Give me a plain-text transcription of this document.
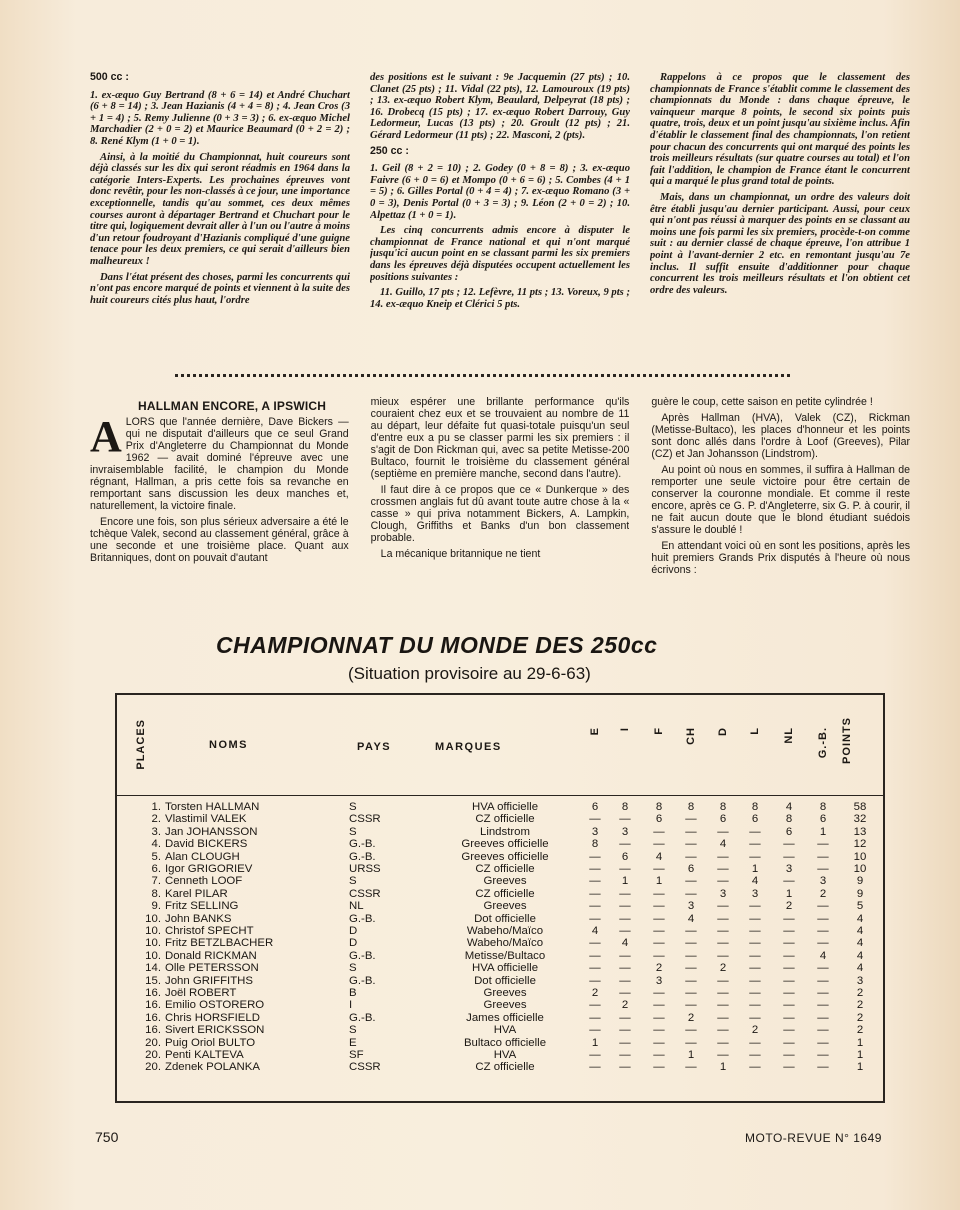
500 cc :

1. ex-æquo Guy Bertrand (8 + 6 = 14) et André Chuchart (6 + 8 = 14) ; 3. Jean Hazianis (4 + 4 = 8) ; 4. Jean Cros (3 + 1 = 4) ; 5. Remy Julienne (0 + 3 = 3) ; 6. ex-æquo Michel Marchadier (2 + 0 = 2) et Maurice Beaumard (0 + 2 = 2) ; 8. René Klym (1 + 0 = 1).

Ainsi, à la moitié du Championnat, huit coureurs sont déjà classés sur les dix qui seront réadmis en 1964 dans la catégorie Inters-Experts. Les prochaines épreuves vont donc revêtir, pour les non-classés à ce jour, une importance exceptionnelle, tandis qu'au sommet, ces deux mêmes courses auront à départager Bertrand et Chuchart pour le titre qui, logiquement devrait aller à l'un ou l'autre à moins d'un retour foudroyant d'Hazianis compliqué d'une guigne tenace pour les deux premiers, ce qui serait d'ailleurs bien malheureux !

Dans l'état présent des choses, parmi les concurrents qui n'ont pas encore marqué de points et viennent à la suite des huit coureurs cités plus haut, l'ordre

des positions est le suivant : 9e Jacquemin (27 pts) ; 10. Clanet (25 pts) ; 11. Vidal (22 pts), 12. Lamouroux (19 pts) ; 13. ex-æquo Robert Klym, Beaulard, Delpeyrat (18 pts) ; 16. Drobecq (15 pts) ; 17. ex-æquo Robert Darrouy, Guy Ledormeur, Lucas (13 pts) ; 20. Groult (12 pts) ; 21. Gérard Ledormeur (11 pts) ; 22. Masconi, 2 (pts).

250 cc :

1. Geil (8 + 2 = 10) ; 2. Godey (0 + 8 = 8) ; 3. ex-æquo Faivre (6 + 0 = 6) et Mompo (0 + 6 = 6) ; 5. Combes (4 + 1 = 5) ; 6. Gilles Portal (0 + 4 = 4) ; 7. ex-æquo Romano (3 + 0 = 3), Denis Portal (0 + 3 = 3) ; 9. Léon (2 + 0 = 2) ; 10. Alpettaz (1 + 0 = 1).

Les cinq concurrents admis encore à disputer le championnat de France national et qui n'ont marqué jusqu'ici aucun point en se classant parmi les six premiers dans les épreuves déjà disputées occupent actuellement les positions suivantes :

11. Guillo, 17 pts ; 12. Lefèvre, 11 pts ; 13. Voreux, 9 pts ; 14. ex-æquo Kneip et Clérici 5 pts.

Rappelons à ce propos que le classement des championnats de France s'établit comme le classement des championnats du Monde : dans chaque épreuve, le vainqueur marque 8 points, le second six points puis quatre, trois, deux et un point jusqu'au sixième inclus. Afin d'établir le classement final des championnats, l'on retient pour chacun des concurrents qui ont marqué des points les trois meilleurs résultats (sur quatre courses au total) et l'on fait l'addition, le champion de France étant le concurrent qui a marqué le plus grand total de points.

Mais, dans un championnat, un ordre des valeurs doit être établi jusqu'au dernier participant. Aussi, pour ceux qui n'ont pas réussi à marquer des points en se classant au moins une fois parmi les six premiers, procède-t-on comme suit : au dernier classé de chaque épreuve, l'on attribue 1 point à l'avant-dernier 2 etc. en remontant jusqu'au 7e inclus. Il suffit ensuite d'additionner pour chaque concurrent les trois meilleurs résultats et l'on obtient cet ordre des valeurs.

HALLMAN ENCORE, A IPSWICH

ALORS que l'année dernière, Dave Bickers — qui ne disputait d'ailleurs que ce seul Grand Prix d'Angleterre du Championnat du Monde 1962 — avait dominé l'épreuve avec une invraisemblable facilité, le champion du Monde régnant, Hallman, a pris cette fois sa revanche en remportant sans discussion les deux manches et, naturellement, la victoire finale.

Encore une fois, son plus sérieux adversaire a été le tchèque Valek, second au classement général, grâce à une seconde et une troisième place. Quant aux Britanniques, dont on pouvait d'autant

mieux espérer une brillante performance qu'ils couraient chez eux et se trouvaient au nombre de 11 au départ, leur défaite fut quasi-totale puisqu'un seul d'entre eux a pu se classer parmi les six premiers : il s'agit de Don Rickman qui, avec sa petite Metisse-200 Bultaco, fournit le troisième du classement général (septième en première manche, second dans l'autre).

Il faut dire à ce propos que ce « Dunkerque » des crossmen anglais fut dû avant toute autre chose à la « casse » qui priva notamment Bickers, A. Lampkin, Clough, Griffiths et Banks d'un bon classement probable.

La mécanique britannique ne tient

guère le coup, cette saison en petite cylindrée !

Après Hallman (HVA), Valek (CZ), Rickman (Metisse-Bultaco), les places d'honneur et les points sont donc allés dans l'ordre à Loof (Greeves), Pilar (CZ) et Jan Johansson (Lindstrom).

Au point où nous en sommes, il suffira à Hallman de remporter une seule victoire pour être certain de conserver la couronne mondiale. Et comme il reste encore, après ce G. P. d'Angleterre, six G. P. à courir, il ne fait aucun doute que le blond étudiant suédois s'assure le doublé !

En attendant voici où en sont les positions, après les huit premiers Grands Prix disputés à l'heure où nous écrivons :

CHAMPIONNAT DU MONDE DES 250cc
(Situation provisoire au 29-6-63)
PLACES	NOMS	PAYS	MARQUES	POINTS
E I F CH D L NL G.-B.
1. Torsten HALLMAN	S	HVA officielle	6	8	8	8	8	8	4	8	58
2. Vlastimil VALEK	CSSR	CZ officielle	—	—	6	—	6	6	8	6	32
3. Jan JOHANSSON	S	Lindstrom	3	3	—	—	—	—	6	1	13
4. David BICKERS	G.-B.	Greeves officielle	8	—	—	—	4	—	—	—	12
5. Alan CLOUGH	G.-B.	Greeves officielle	—	6	4	—	—	—	—	—	10
6. Igor GRIGORIEV	URSS	CZ officielle	—	—	—	6	—	1	3	—	10
7. Cenneth LOOF	S	Greeves	—	1	1	—	—	4	—	3	9
8. Karel PILAR	CSSR	CZ officielle	—	—	—	—	3	3	1	2	9
9. Fritz SELLING	NL	Greeves	—	—	—	3	—	—	2	—	5
10. John BANKS	G.-B.	Dot officielle	—	—	—	4	—	—	—	—	4
10. Christof SPECHT	D	Wabeho/Maïco	4	—	—	—	—	—	—	—	4
10. Fritz BETZLBACHER	D	Wabeho/Maïco	—	4	—	—	—	—	—	—	4
10. Donald RICKMAN	G.-B.	Metisse/Bultaco	—	—	—	—	—	—	—	4	4
14. Olle PETERSSON	S	HVA officielle	—	—	2	—	2	—	—	—	4
15. John GRIFFITHS	G.-B.	Dot officielle	—	—	3	—	—	—	—	—	3
16. Joël ROBERT	B	Greeves	2	—	—	—	—	—	—	—	2
16. Emilio OSTORERO	I	Greeves	—	2	—	—	—	—	—	—	2
16. Chris HORSFIELD	G.-B.	James officielle	—	—	—	2	—	—	—	—	2
16. Sivert ERICKSSON	S	HVA	—	—	—	—	—	2	—	—	2
20. Puig Oriol BULTO	E	Bultaco officielle	1	—	—	—	—	—	—	—	1
20. Penti KALTEVA	SF	HVA	—	—	—	1	—	—	—	—	1
20. Zdenek POLANKA	CSSR	CZ officielle	—	—	—	—	1	—	—	—	1
750	MOTO-REVUE N° 1649
